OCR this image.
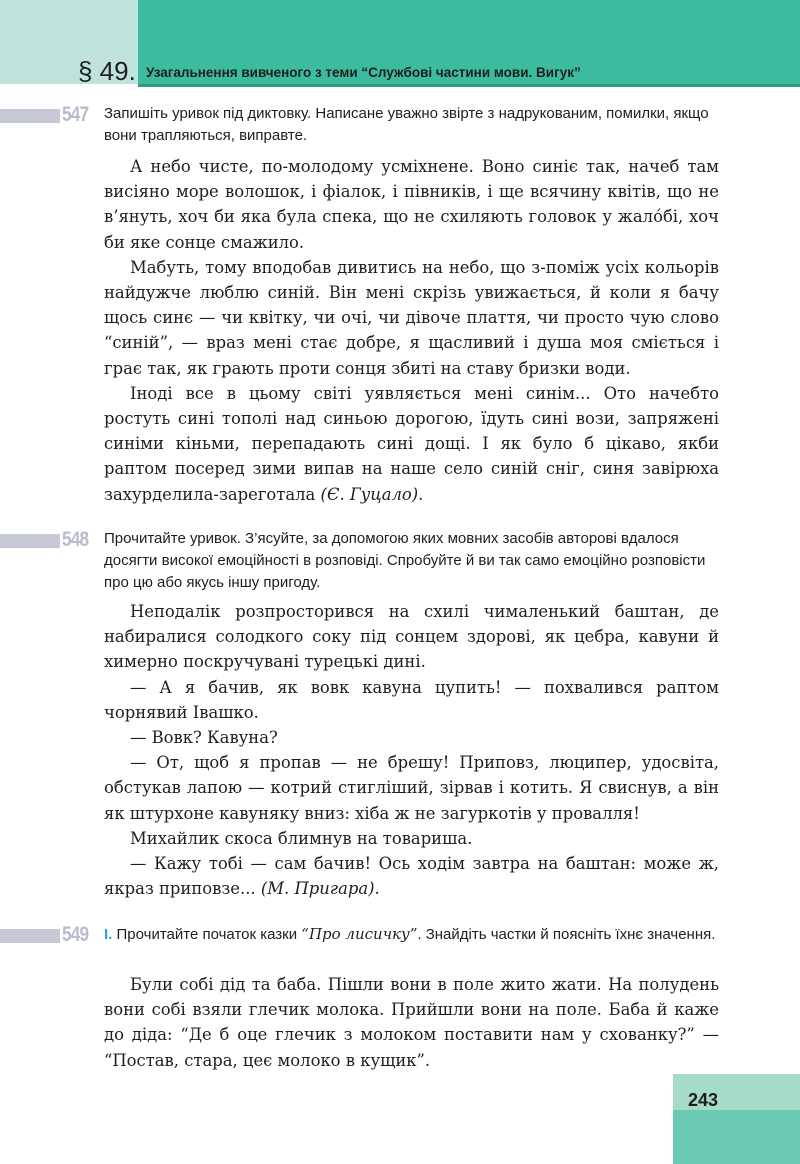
§ 49. Узагальнення вивченого з теми “Службові частини мови. Вигук”
547 Запишіть уривок під диктовку. Написане уважно звірте з надрукованим, помилки, якщо вони трапляються, виправте.

А небо чисте, по-молодому усміхнене. Воно синіє так, начеб там висіяно море волошок, і фіалок, і півників, і ще всячину квітів, що не в’януть, хоч би яка була спека, що не схиляють головок у жало́бі, хоч би яке сонце смажило.

Мабуть, тому вподобав дивитись на небо, що з-поміж усіх кольорів найдужче люблю синій. Він мені скрізь увижається, й коли я бачу щось синє — чи квітку, чи очі, чи дівоче плаття, чи просто чую слово “синій”, — враз мені стає добре, я щасливий і душа моя сміється і грає так, як грають проти сонця збиті на ставу бризки води.

Іноді все в цьому світі уявляється мені синім... Ото начебто ростуть сині тополі над синьою дорогою, їдуть сині вози, запряжені синіми кіньми, перепадають сині дощі. І як було б цікаво, якби раптом посеред зими випав на наше село синій сніг, синя завірюха захурделила-зареготала (Є. Гуцало).

548 Прочитайте уривок. З’ясуйте, за допомогою яких мовних засобів авторові вдалося досягти високої емоційності в розповіді. Спробуйте й ви так само емоційно розповісти про цю або якусь іншу пригоду.

Неподалік розпросторився на схилі чималенький баштан, де набиралися солодкого соку під сонцем здорові, як цебра, кавуни й химерно поскручувані турецькі дині.

— А я бачив, як вовк кавуна цупить! — похвалився раптом чорнявий Івашко.

— Вовк? Кавуна?

— От, щоб я пропав — не брешу! Приповз, люципер, удосвіта, обстукав лапою — котрий стигліший, зірвав і котить. Я свиснув, а він як штурхоне кавуняку вниз: хіба ж не загуркотів у провалля!

Михайлик скоса блимнув на товариша.

— Кажу тобі — сам бачив! Ось ходім завтра на баштан: може ж, якраз приповзе... (М. Пригара).

549 І. Прочитайте початок казки “Про лисичку”. Знайдіть частки й поясніть їхнє значення.

Були собі дід та баба. Пішли вони в поле жито жати. На полудень вони собі взяли глечик молока. Прийшли вони на поле. Баба й каже до діда: “Де б оце глечик з молоком поставити нам у схованку?” — “Постав, стара, цеє молоко в кущик”.

243
